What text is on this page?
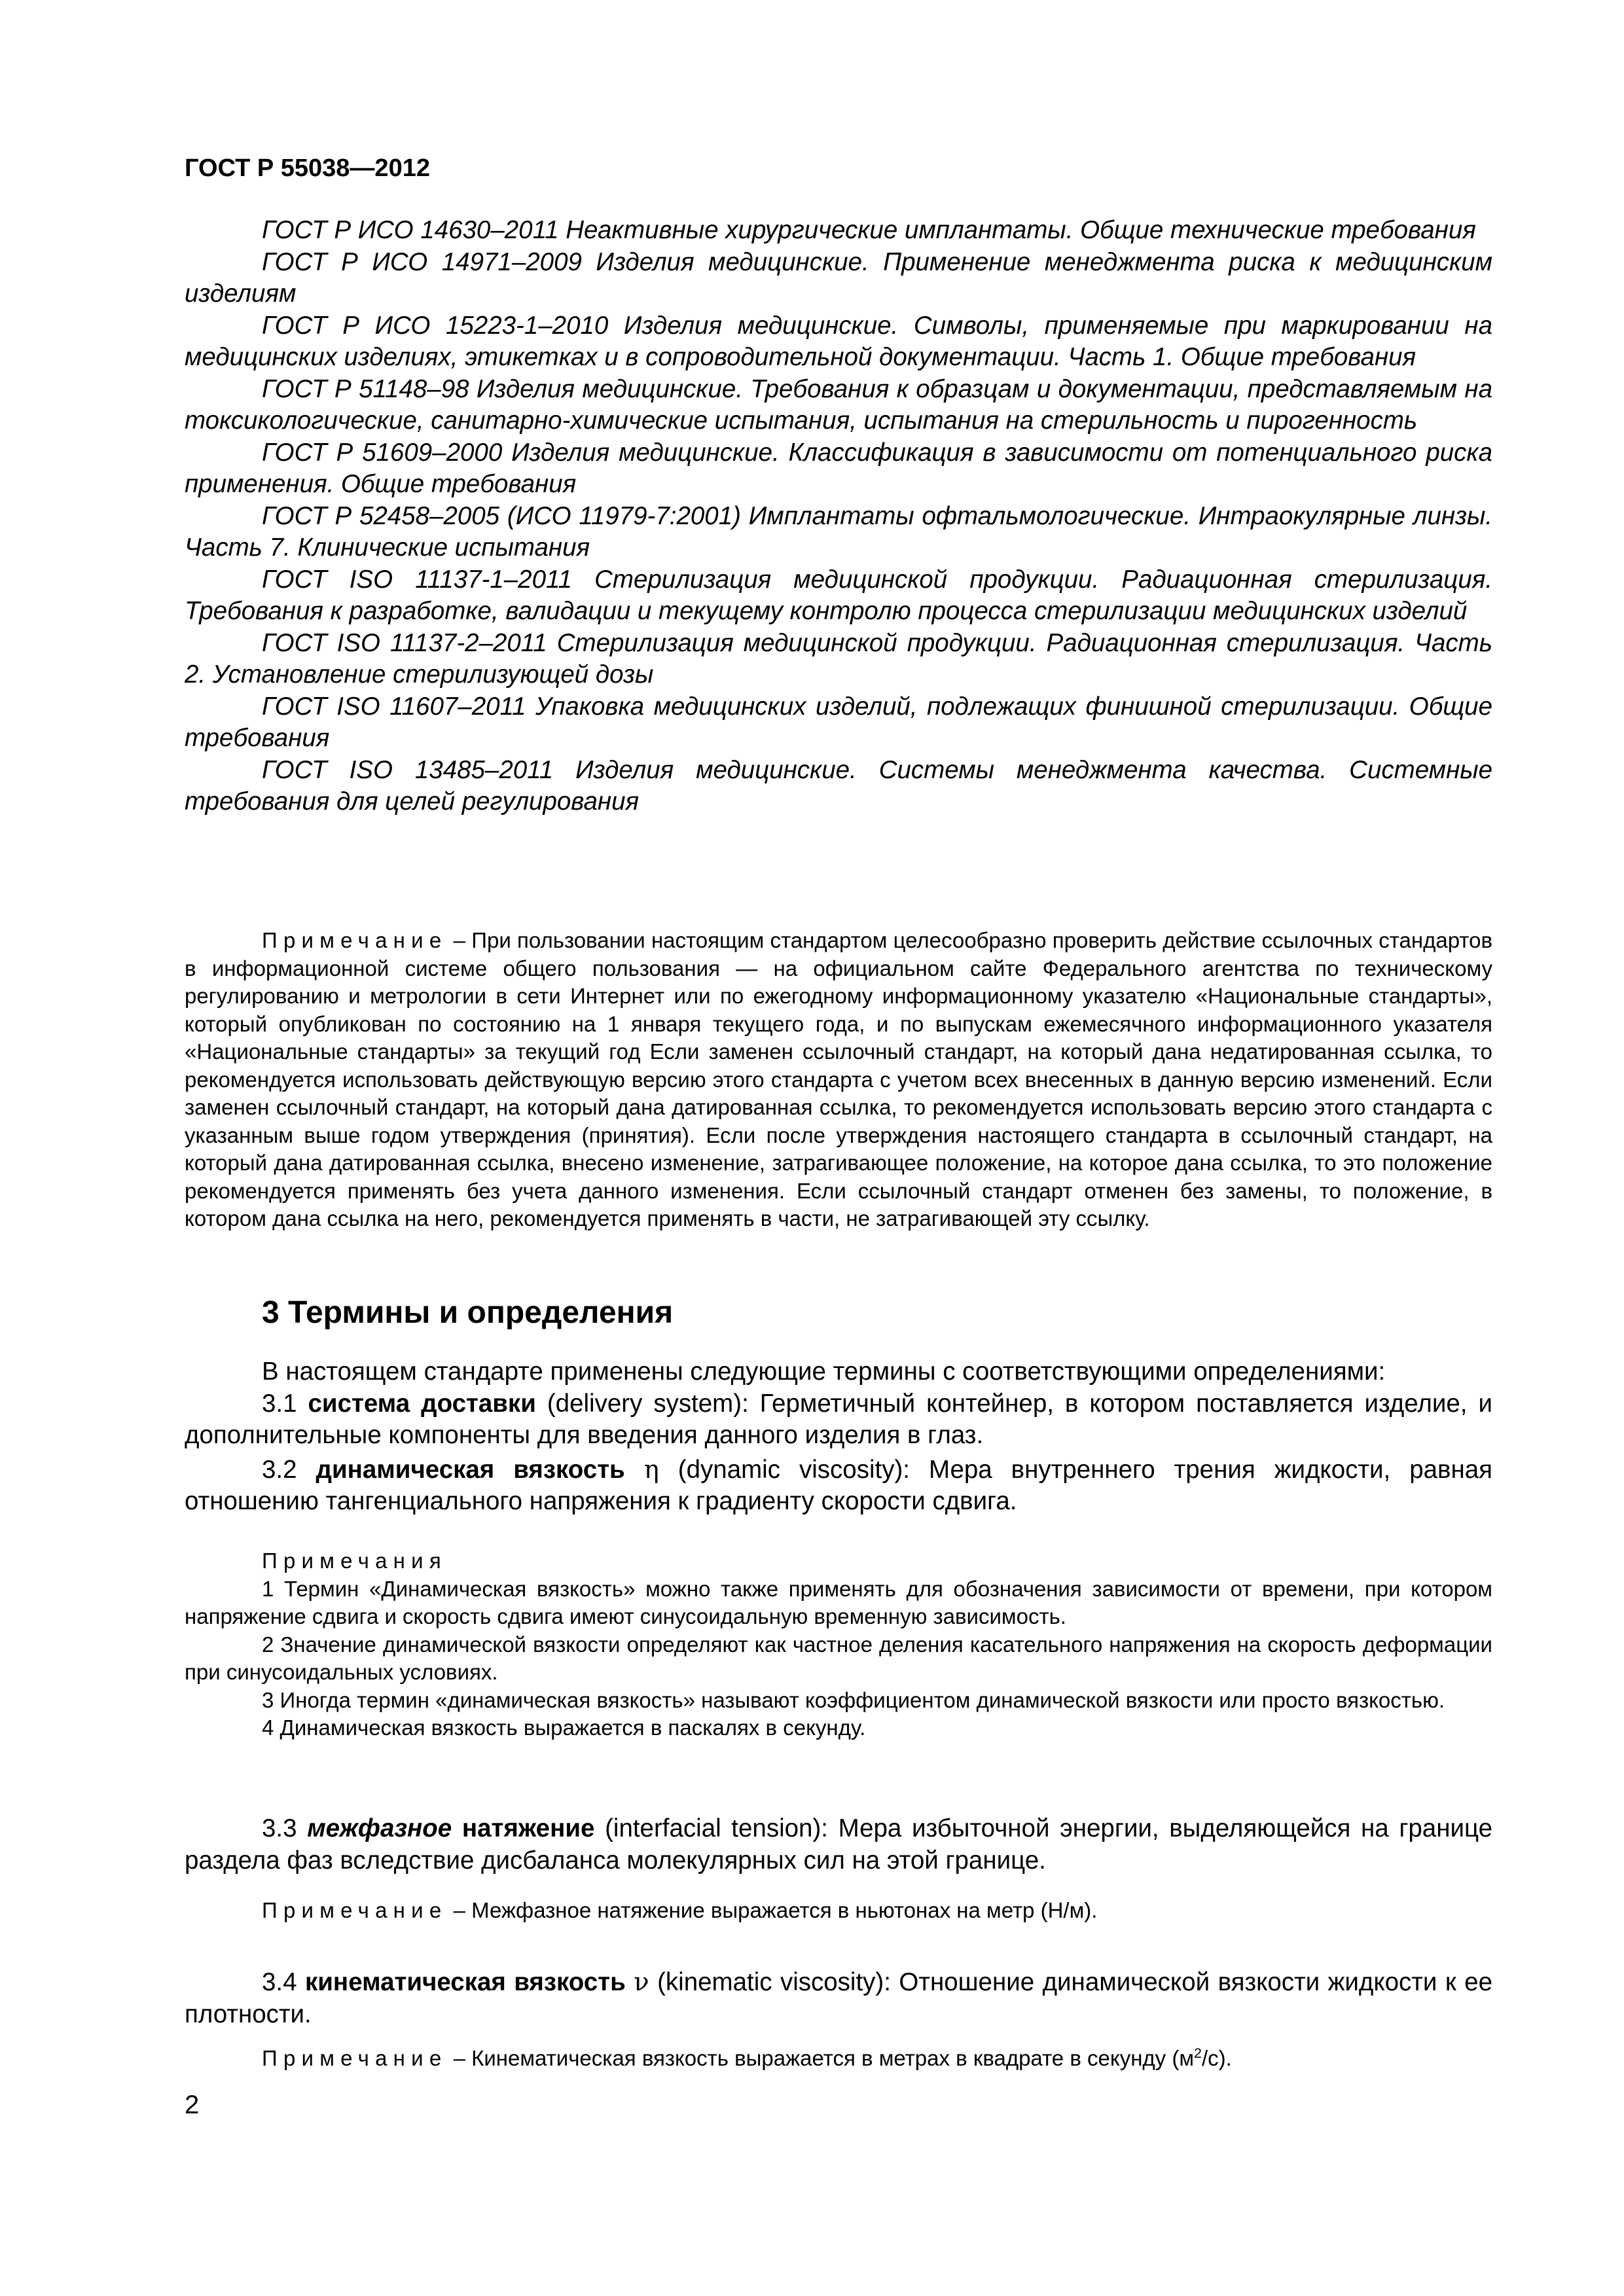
ГОСТ Р 55038—2012

ГОСТ Р ИСО 14630–2011 Неактивные хирургические имплантаты. Общие технические требования

ГОСТ Р ИСО 14971–2009 Изделия медицинские. Применение менеджмента риска к медицинским изделиям

ГОСТ Р ИСО 15223-1–2010 Изделия медицинские. Символы, применяемые при маркировании на медицинских изделиях, этикетках и в сопроводительной документации. Часть 1. Общие требования

ГОСТ Р 51148–98 Изделия медицинские. Требования к образцам и документации, представляемым на токсикологические, санитарно-химические испытания, испытания на стерильность и пирогенность

ГОСТ Р 51609–2000 Изделия медицинские. Классификация в зависимости от потенциального риска применения. Общие требования

ГОСТ Р 52458–2005 (ИСО 11979-7:2001) Имплантаты офтальмологические. Интраокулярные линзы. Часть 7. Клинические испытания

ГОСТ ISO 11137-1–2011 Стерилизация медицинской продукции. Радиационная стерилизация. Требования к разработке, валидации и текущему контролю процесса стерилизации медицинских изделий

ГОСТ ISO 11137-2–2011 Стерилизация медицинской продукции. Радиационная стерилизация. Часть 2. Установление стерилизующей дозы

ГОСТ ISO 11607–2011 Упаковка медицинских изделий, подлежащих финишной стерилизации. Общие требования

ГОСТ ISO 13485–2011 Изделия медицинские. Системы менеджмента качества. Системные требования для целей регулирования

Примечание – При пользовании настоящим стандартом целесообразно проверить действие ссылочных стандартов в информационной системе общего пользования — на официальном сайте Федерального агентства по техническому регулированию и метрологии в сети Интернет или по ежегодному информационному указателю «Национальные стандарты», который опубликован по состоянию на 1 января текущего года, и по выпускам ежемесячного информационного указателя «Национальные стандарты» за текущий год Если заменен ссылочный стандарт, на который дана недатированная ссылка, то рекомендуется использовать действующую версию этого стандарта с учетом всех внесенных в данную версию изменений. Если заменен ссылочный стандарт, на который дана датированная ссылка, то рекомендуется использовать версию этого стандарта с указанным выше годом утверждения (принятия). Если после утверждения настоящего стандарта в ссылочный стандарт, на который дана датированная ссылка, внесено изменение, затрагивающее положение, на которое дана ссылка, то это положение рекомендуется применять без учета данного изменения. Если ссылочный стандарт отменен без замены, то положение, в котором дана ссылка на него, рекомендуется применять в части, не затрагивающей эту ссылку.

3 Термины и определения

В настоящем стандарте применены следующие термины с соответствующими определениями:

3.1 система доставки (delivery system): Герметичный контейнер, в котором поставляется изделие, и дополнительные компоненты для введения данного изделия в глаз.

3.2 динамическая вязкость η (dynamic viscosity): Мера внутреннего трения жидкости, равная отношению тангенциального напряжения к градиенту скорости сдвига.

Примечания

1 Термин «Динамическая вязкость» можно также применять для обозначения зависимости от времени, при котором напряжение сдвига и скорость сдвига имеют синусоидальную временную зависимость.

2 Значение динамической вязкости определяют как частное деления касательного напряжения на скорость деформации при синусоидальных условиях.

3 Иногда термин «динамическая вязкость» называют коэффициентом динамической вязкости или просто вязкостью.

4 Динамическая вязкость выражается в паскалях в секунду.

3.3 межфазное натяжение (interfacial tension): Мера избыточной энергии, выделяющейся на границе раздела фаз вследствие дисбаланса молекулярных сил на этой границе.

Примечание – Межфазное натяжение выражается в ньютонах на метр (Н/м).

3.4 кинематическая вязкость ν (kinematic viscosity): Отношение динамической вязкости жидкости к ее плотности.

Примечание – Кинематическая вязкость выражается в метрах в квадрате в секунду $(м^2/с)$.

2
